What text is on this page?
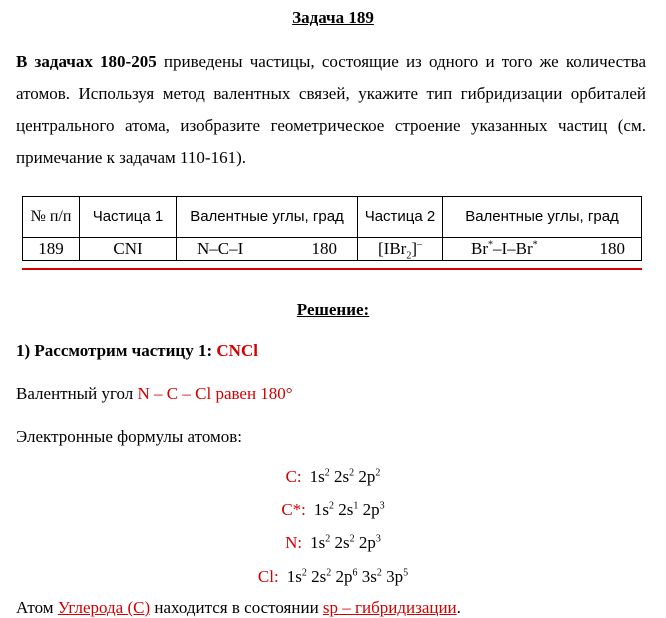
Задача 189
В задачах 180-205 приведены частицы, состоящие из одного и того же количества атомов. Используя метод валентных связей, укажите тип гибридизации орбиталей центрального атома, изобразите геометрическое строение указанных частиц (см. примечание к задачам 110-161).
№ п/п	Частица 1	Валентные углы, град	Частица 2	Валентные углы, град
189	CNI	N–C–I 180	[IBr$_2$]–	Br*–I–Br* 180
Решение:
1) Рассмотрим частицу 1: CNCl
Валентный угол N – C – Cl равен 180°
Электронные формулы атомов:
C: $1s^2$ $2s^2$ $2p^2$
C*: $1s^2$ $2s^1$ $2p^3$
N: $1s^2$ $2s^2$ $2p^3$
Cl: $1s^2$ $2s^2$ $2p^6$ $3s^2$ $3p^5$
Атом Углерода (C) находится в состоянии sp – гибридизации.
